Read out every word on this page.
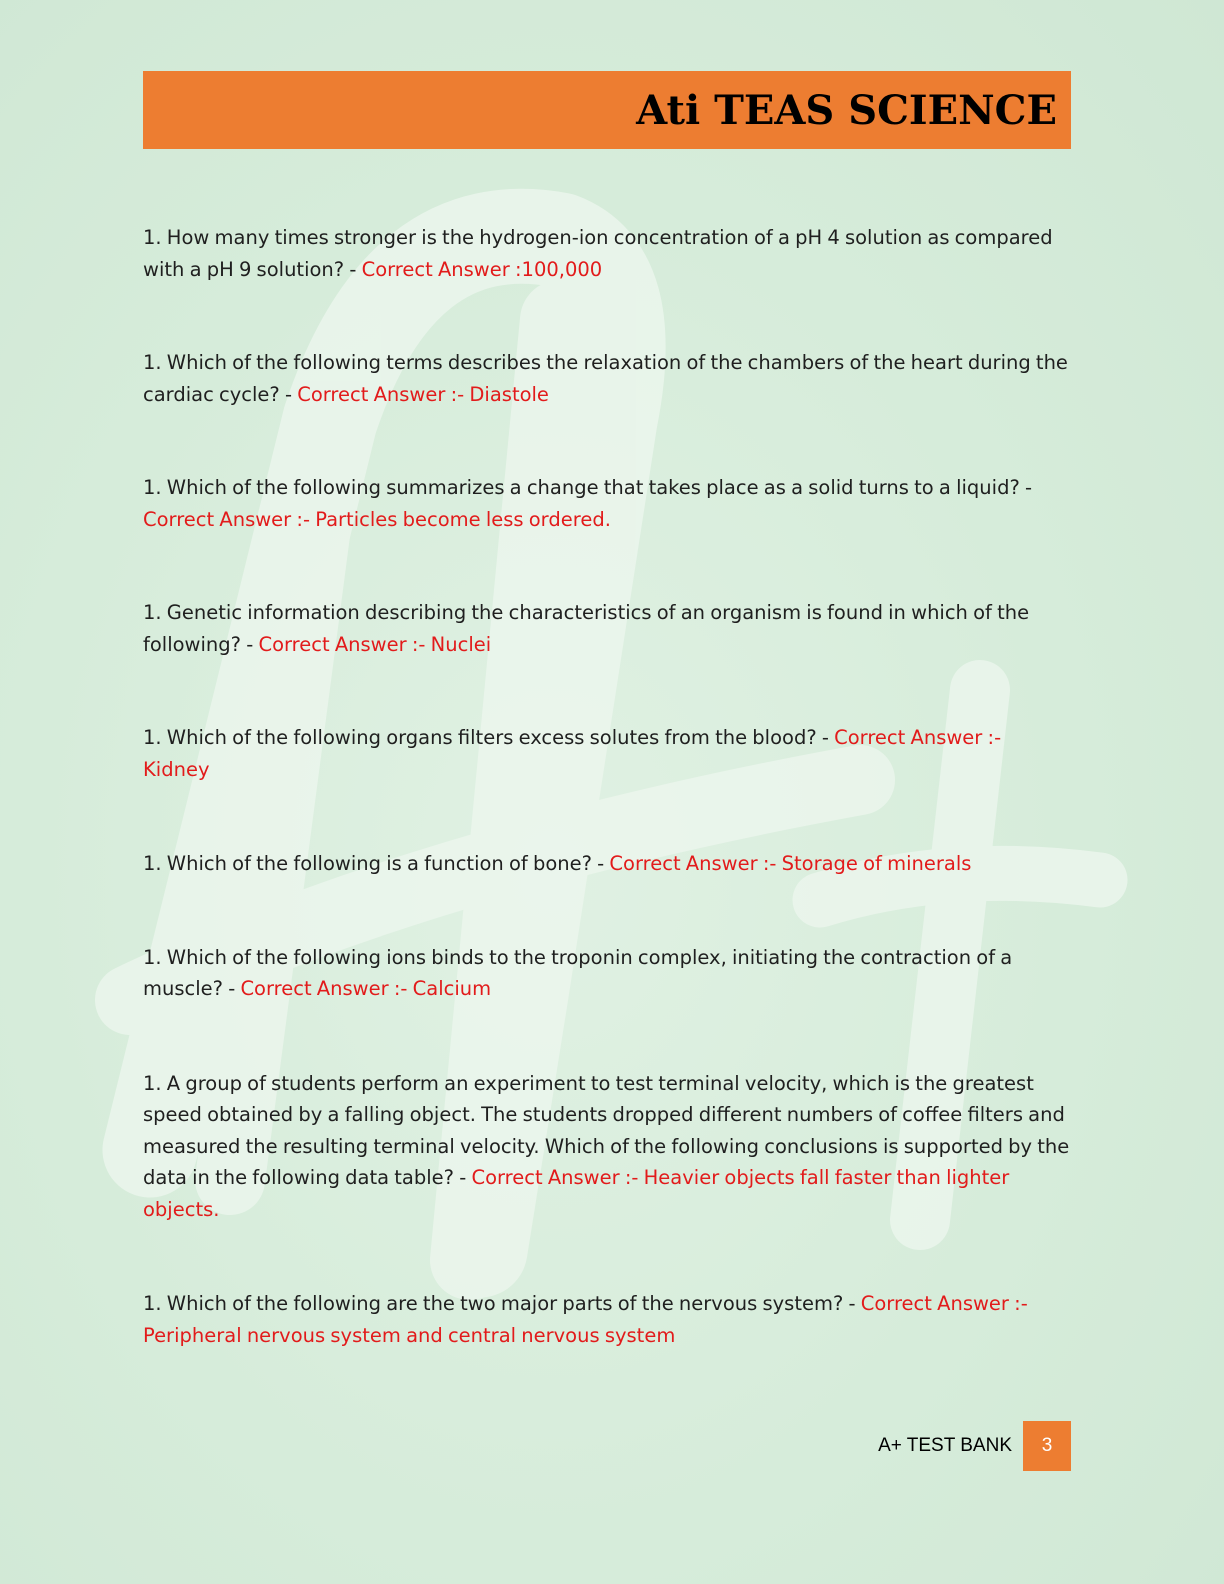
Ati TEAS SCIENCE

1. How many times stronger is the hydrogen-ion concentration of a pH 4 solution as compared with a pH 9 solution? - Correct Answer :100,000

1. Which of the following terms describes the relaxation of the chambers of the heart during the cardiac cycle? - Correct Answer :- Diastole

1. Which of the following summarizes a change that takes place as a solid turns to a liquid? - Correct Answer :- Particles become less ordered.

1. Genetic information describing the characteristics of an organism is found in which of the following? - Correct Answer :- Nuclei

1. Which of the following organs filters excess solutes from the blood? - Correct Answer :- Kidney

1. Which of the following is a function of bone? - Correct Answer :- Storage of minerals

1. Which of the following ions binds to the troponin complex, initiating the contraction of a muscle? - Correct Answer :- Calcium

1. A group of students perform an experiment to test terminal velocity, which is the greatest speed obtained by a falling object. The students dropped different numbers of coffee filters and measured the resulting terminal velocity. Which of the following conclusions is supported by the data in the following data table? - Correct Answer :- Heavier objects fall faster than lighter objects.

1. Which of the following are the two major parts of the nervous system? - Correct Answer :- Peripheral nervous system and central nervous system

A+ TEST BANK	3
